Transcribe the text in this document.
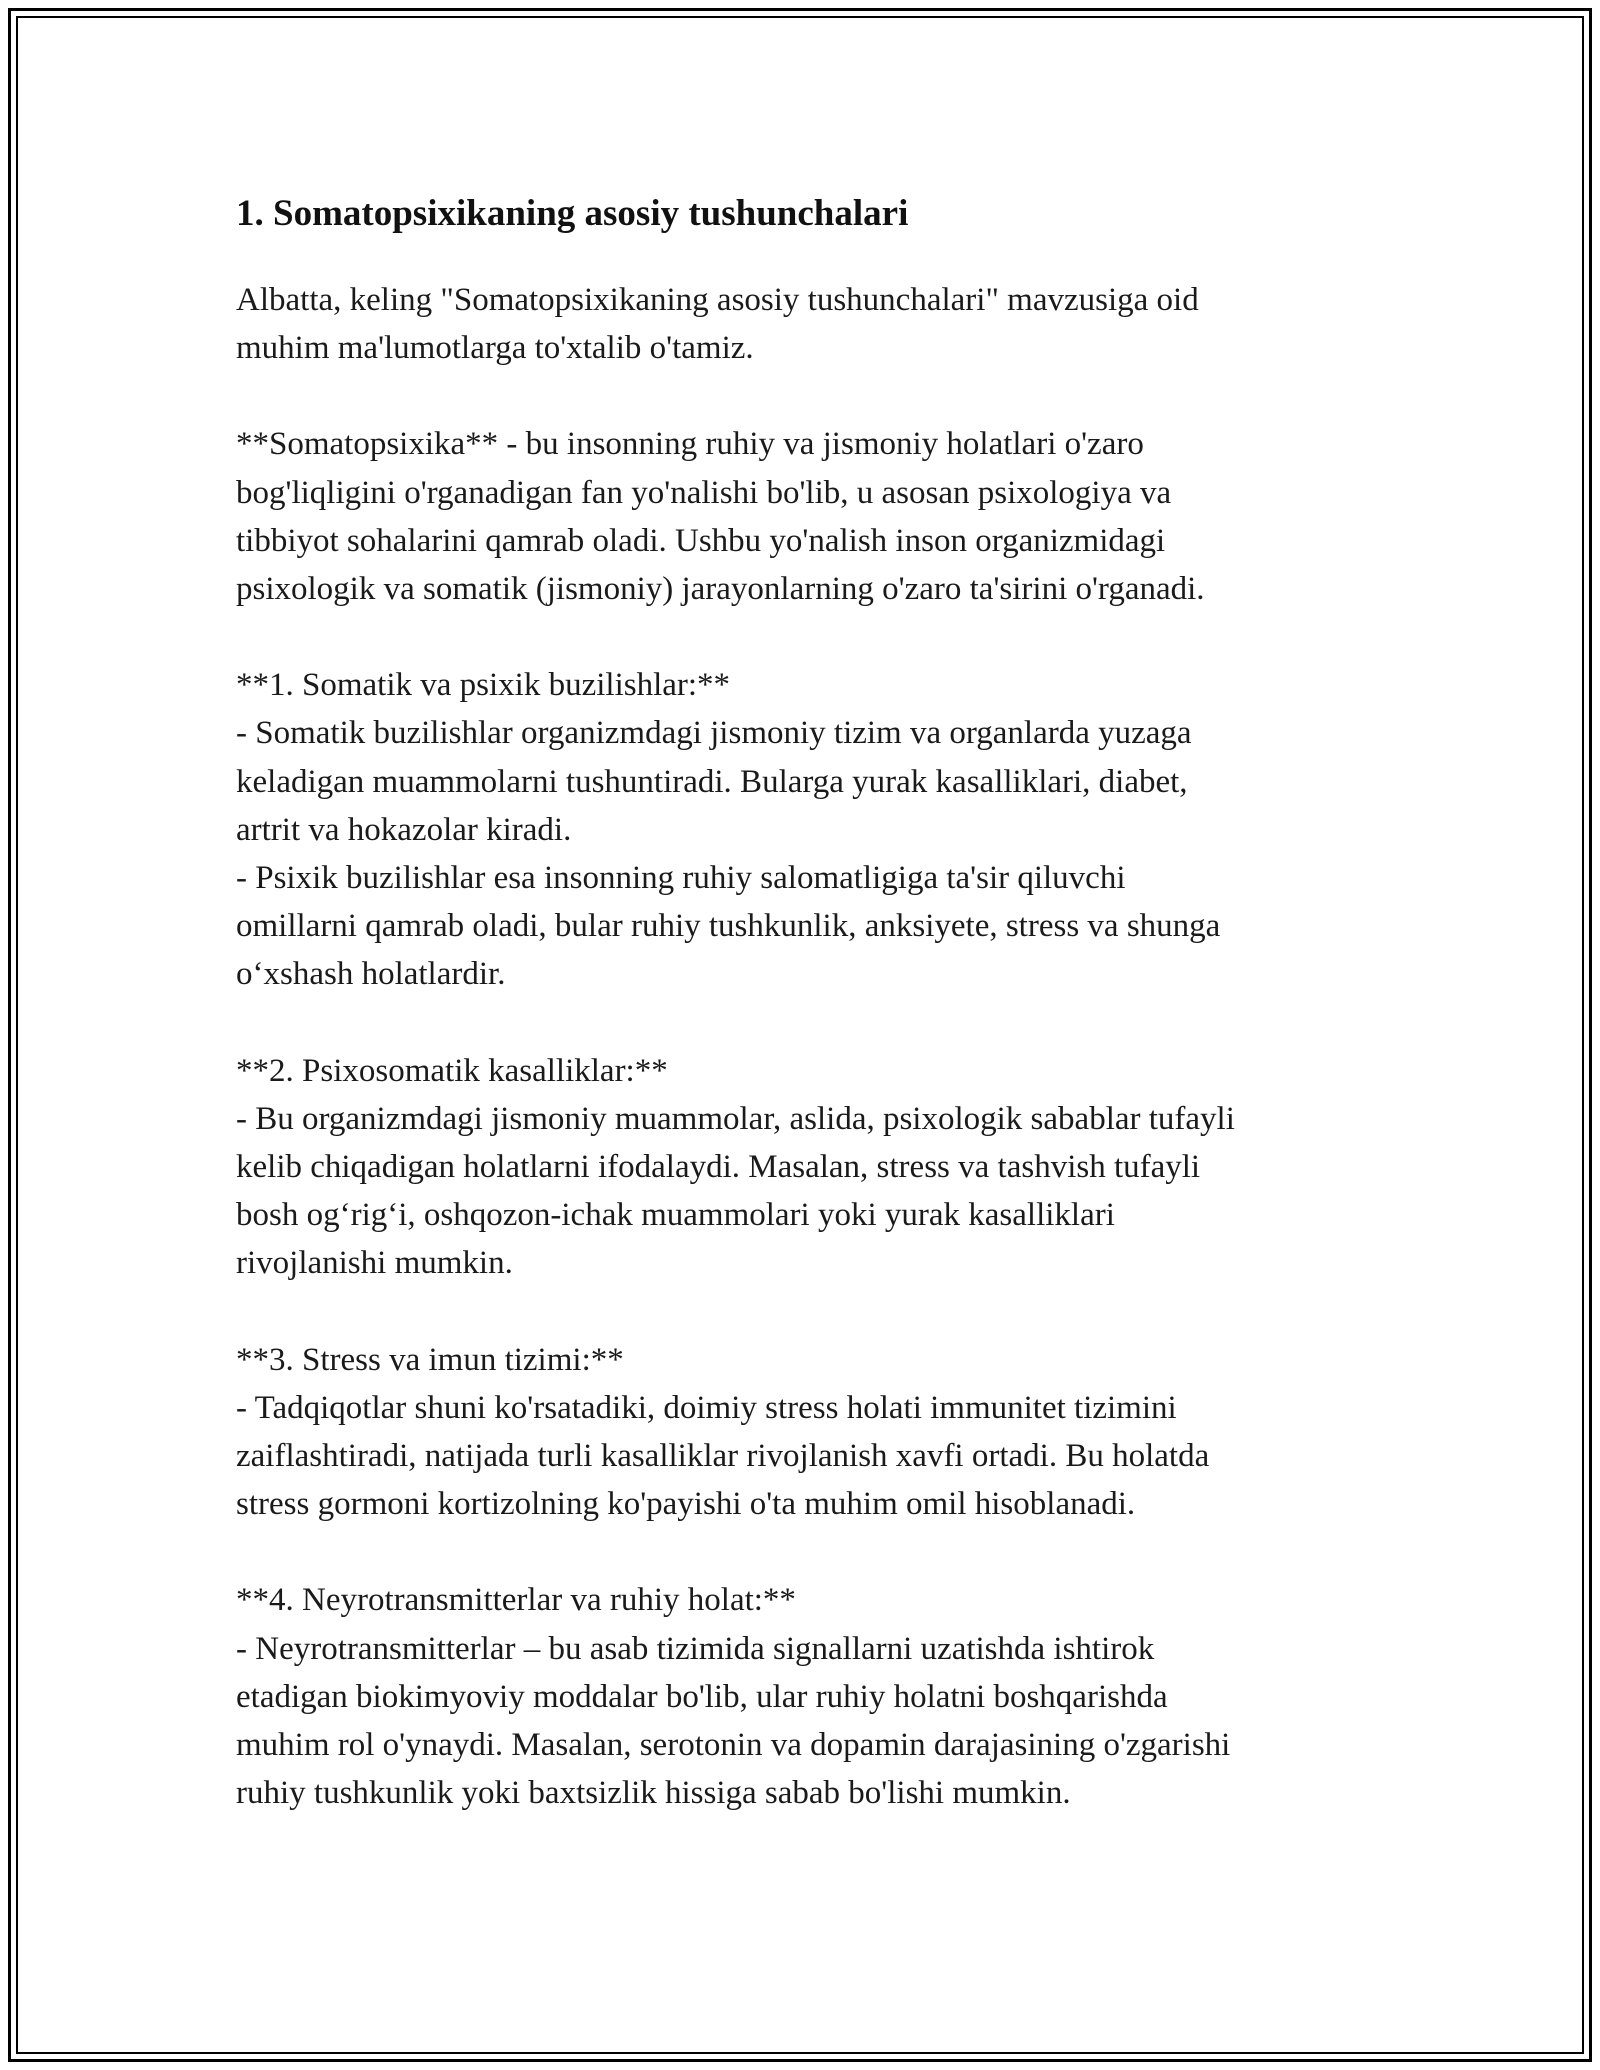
1. Somatopsixikaning asosiy tushunchalari

Albatta, keling "Somatopsixikaning asosiy tushunchalari" mavzusiga oid
muhim ma'lumotlarga to'xtalib o'tamiz.

**Somatopsixika** - bu insonning ruhiy va jismoniy holatlari o'zaro
bog'liqligini o'rganadigan fan yo'nalishi bo'lib, u asosan psixologiya va
tibbiyot sohalarini qamrab oladi. Ushbu yo'nalish inson organizmidagi
psixologik va somatik (jismoniy) jarayonlarning o'zaro ta'sirini o'rganadi.

**1. Somatik va psixik buzilishlar:**
- Somatik buzilishlar organizmdagi jismoniy tizim va organlarda yuzaga
keladigan muammolarni tushuntiradi. Bularga yurak kasalliklari, diabet,
artrit va hokazolar kiradi.
- Psixik buzilishlar esa insonning ruhiy salomatligiga ta'sir qiluvchi
omillarni qamrab oladi, bular ruhiy tushkunlik, anksiyete, stress va shunga
o‘xshash holatlardir.

**2. Psixosomatik kasalliklar:**
- Bu organizmdagi jismoniy muammolar, aslida, psixologik sabablar tufayli
kelib chiqadigan holatlarni ifodalaydi. Masalan, stress va tashvish tufayli
bosh og‘rig‘i, oshqozon-ichak muammolari yoki yurak kasalliklari
rivojlanishi mumkin.

**3. Stress va imun tizimi:**
- Tadqiqotlar shuni ko'rsatadiki, doimiy stress holati immunitet tizimini
zaiflashtiradi, natijada turli kasalliklar rivojlanish xavfi ortadi. Bu holatda
stress gormoni kortizolning ko'payishi o'ta muhim omil hisoblanadi.

**4. Neyrotransmitterlar va ruhiy holat:**
- Neyrotransmitterlar – bu asab tizimida signallarni uzatishda ishtirok
etadigan biokimyoviy moddalar bo'lib, ular ruhiy holatni boshqarishda
muhim rol o'ynaydi. Masalan, serotonin va dopamin darajasining o'zgarishi
ruhiy tushkunlik yoki baxtsizlik hissiga sabab bo'lishi mumkin.
